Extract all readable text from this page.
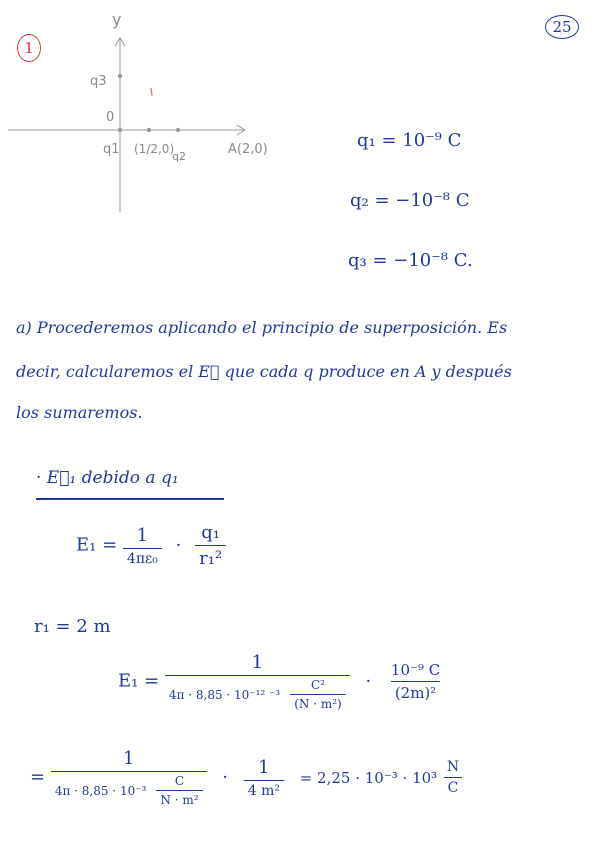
1
25
y
0
q3
q1 (1/2,0)
q2	A(2,0)	q₁ = 10⁻⁹ C
q₂ = −10⁻⁸ C
q₃ = −10⁻⁸ C.
a) Procederemos aplicando el principio de superposición. Es
decir, calcularemos el E⃗ que cada q produce en A y después
los sumaremos.
· E⃗₁ debido a q₁
$E_1 = \frac{1}{\text{4πε₀}} \cdot \frac{\text{q₁}}{\text{r₁²}}$
r₁ = 2 m
$E_1 = \frac{1}{4\pi \cdot 8,85 \cdot 10^{-12} ^{-3} \frac{\text{C²}}{\text{(N · m²)}}} \cdot \frac{\text{10⁻⁹ C}}{\text{(2m)²}}$
= $\frac{1}{4\pi \cdot 8,85 \cdot 10^{-3} \frac{C}{\text{N · m²}}} \cdot \frac{1}{\text{4 m²}} = 2,25 \cdot 10^{-3} \cdot 10^3 \frac{N}{C}$
